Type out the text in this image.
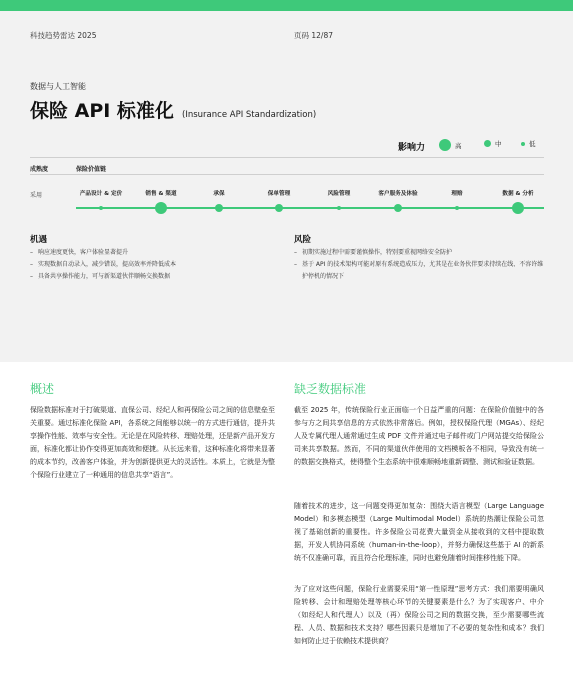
科技趋势雷达 2025	页码 12/87
数据与人工智能
保险 API 标准化 (Insurance API Standardization)
影响力	高	中	低
成熟度	保险价值链
采用	产品设计 & 定价	销售 & 渠道	承保	保单管理	风险管理	客户服务及体验	理赔	数据 & 分析
机遇
– 响应速度更快，客户体验显著提升
– 实现数据自动录入，减少错误，提高效率并降低成本
– 具备共享操作能力，可与新渠道伙伴顺畅交换数据
风险
– 初期实施过程中需要谨慎操作，特别要重视网络安全防护
– 基于 API 的技术架构可能对原有系统造成压力，尤其是在业务伙伴要求持续在线、不容许维护停机的情况下
概述
保险数据标准对于打破渠道、直保公司、经纪人和再保险公司之间的信息壁垒至关重要。通过标准化保险 API，各系统之间能够以统一的方式进行通信，提升共享操作性能、效率与安全性。无论是在风险转移、理赔处理，还是新产品开发方面，标准化都让协作变得更加高效和便捷。从长远来看，这种标准化将带来显著的成本节约，改善客户体验，并为创新提供更大的灵活性。本质上，它就是为整个保险行业建立了一种通用的信息共享“语言”。
缺乏数据标准
截至 2025 年，传统保险行业正面临一个日益严重的问题：在保险价值链中的各参与方之间共享信息的方式依然非常落后。例如，授权保险代理（MGAs）、经纪人及专属代理人通常通过生成 PDF 文件并通过电子邮件或门户网站提交给保险公司来共享数据。然而，不同的渠道伙伴使用的文档模板各不相同，导致没有统一的数据交换格式，使得整个生态系统中很难顺畅地重新调整、测试和验证数据。
随着技术的进步，这一问题变得更加复杂：围绕大语言模型（Large Language Model）和多模态模型（Large Multimodal Model）系统的热潮让保险公司忽视了基础创新的重要性。许多保险公司花费大量资金从接收到的文档中提取数据，开发人机协同系统（human-in-the-loop），并努力确保这些基于 AI 的新系统不仅准确可靠，而且符合伦理标准，同时也避免随着时间推移性能下降。
为了应对这些问题，保险行业需要采用“第一性原理”思考方式：我们需要明确风险转移、会计和理赔处理等核心环节的关键要素是什么？为了实现客户、中介（如经纪人和代理人）以及（再）保险公司之间的数据交换，至少需要哪些流程、人员、数据和技术支持？哪些因素只是增加了不必要的复杂性和成本？我们如何防止过于依赖技术提供商？
